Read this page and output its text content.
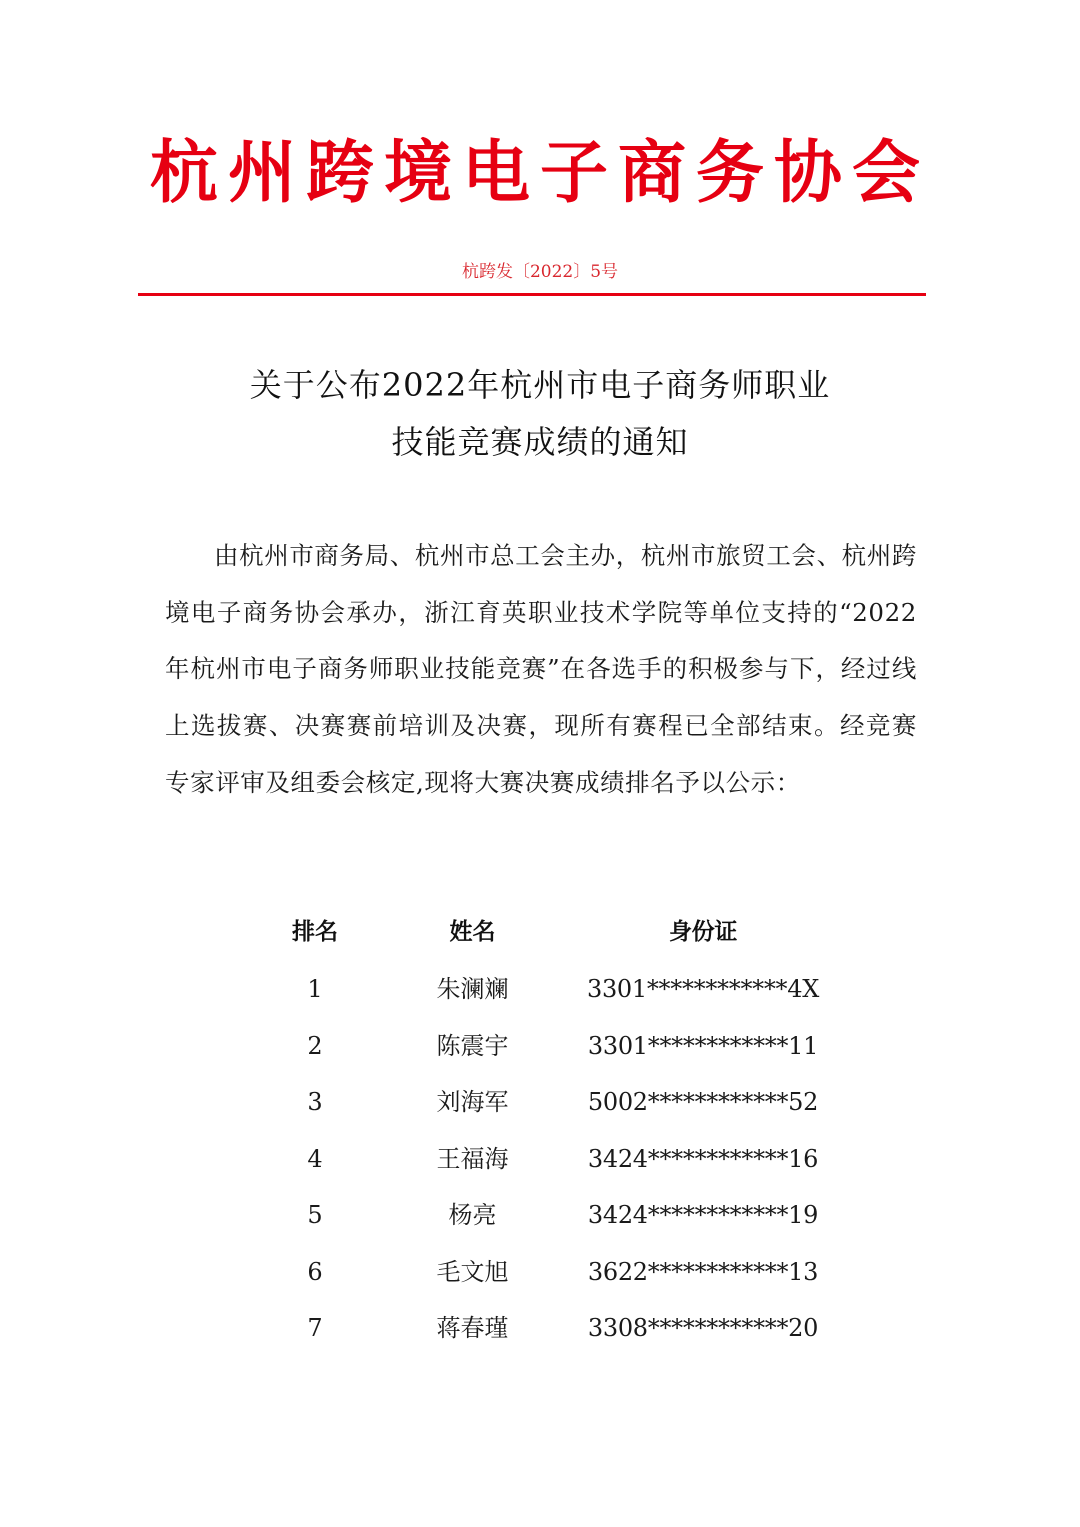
杭州跨境电子商务协会
杭跨发〔2022〕5号
关于公布2022年杭州市电子商务师职业
技能竞赛成绩的通知

由杭州市商务局、杭州市总工会主办，杭州市旅贸工会、杭州跨境电子商务协会承办，浙江育英职业技术学院等单位支持的“2022年杭州市电子商务师职业技能竞赛”在各选手的积极参与下，经过线上选拔赛、决赛赛前培训及决赛，现所有赛程已全部结束。经竞赛专家评审及组委会核定,现将大赛决赛成绩排名予以公示：

排名	姓名	身份证
1	朱澜斓	3301************4X
2	陈震宇	3301************11
3	刘海军	5002************52
4	王福海	3424************16
5	杨亮	3424************19
6	毛文旭	3622************13
7	蒋春瑾	3308************20
